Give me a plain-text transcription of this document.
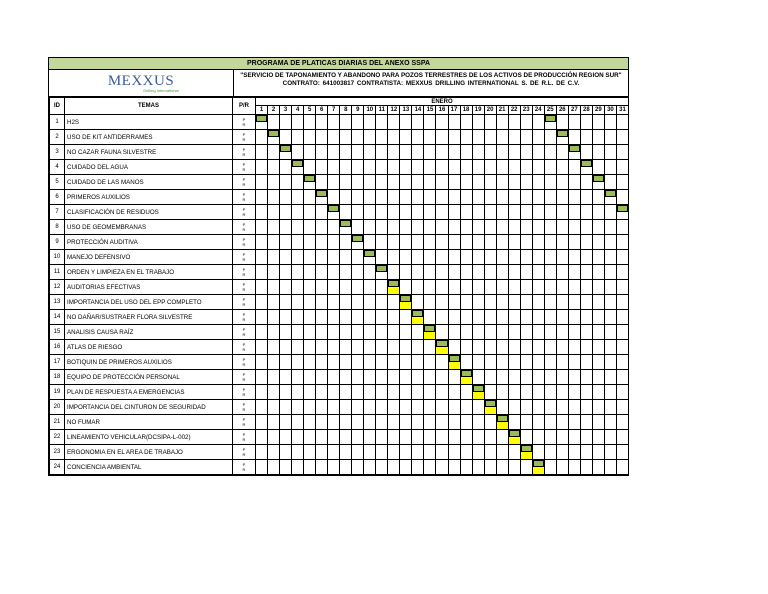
PROGRAMA DE PLATICAS DIARIAS DEL ANEXO SSPA
MEXXUS
Drilling International
"SERVICIO DE TAPONAMIENTO Y ABANDONO PARA POZOS TERRESTRES DE LOS ACTIVOS DE PRODUCCIÓN REGION SUR"
CONTRATO: 641003817 CONTRATISTA: MEXXUS DRILLING INTERNATIONAL S. DE R.L. DE C.V.
ID	TEMAS	P/R	ENERO																														
			1	2	3	4	5	6	7	8	9	10	11	12	13	14	15	16	17	18	19	20	21	22	23	24	25	26	27	28	29	30	31
1	H2S	P
R																															

2	USO DE KIT ANTIDERRAMES	P
R																															

3	NO CAZAR FAUNA SILVESTRE	P
R																															

4	CUIDADO DEL AGUA	P
R																															

5	CUIDADO DE LAS MANOS	P
R																															

6	PRIMEROS AUXILIOS	P
R																															

7	CLASIFICACIÓN DE RESIDUOS	P
R																															

8	USO DE GEOMEMBRANAS	P
R																															

9	PROTECCIÓN AUDITIVA	P
R																															

10	MANEJO DEFENSIVO	P
R																															

11	ORDEN Y LIMPIEZA EN EL TRABAJO	P
R																															

12	AUDITORIAS EFECTIVAS	P
R																															

13	IMPORTANCIA DEL USO DEL EPP COMPLETO	P
R																															

14	NO DAÑAR/SUSTRAER FLORA SILVESTRE	P
R																															

15	ANALISIS CAUSA RAÍZ	P
R																															

16	ATLAS DE RIESGO	P
R																															

17	BOTIQUIN DE PRIMEROS AUXILIOS	P
R																															

18	EQUIPO DE PROTECCIÓN PERSONAL	P
R																															

19	PLAN DE RESPUESTA A EMERGENCIAS	P
R																															

20	IMPORTANCIA DEL CINTURON DE SEGURIDAD	P
R																															

21	NO FUMAR	P
R																															

22	LINEAMIENTO VEHICULAR(DCSIPA-L-002)	P
R																															

23	ERGONOMIA EN EL AREA DE TRABAJO	P
R																															

24	CONCIENCIA AMBIENTAL	P
R																															
